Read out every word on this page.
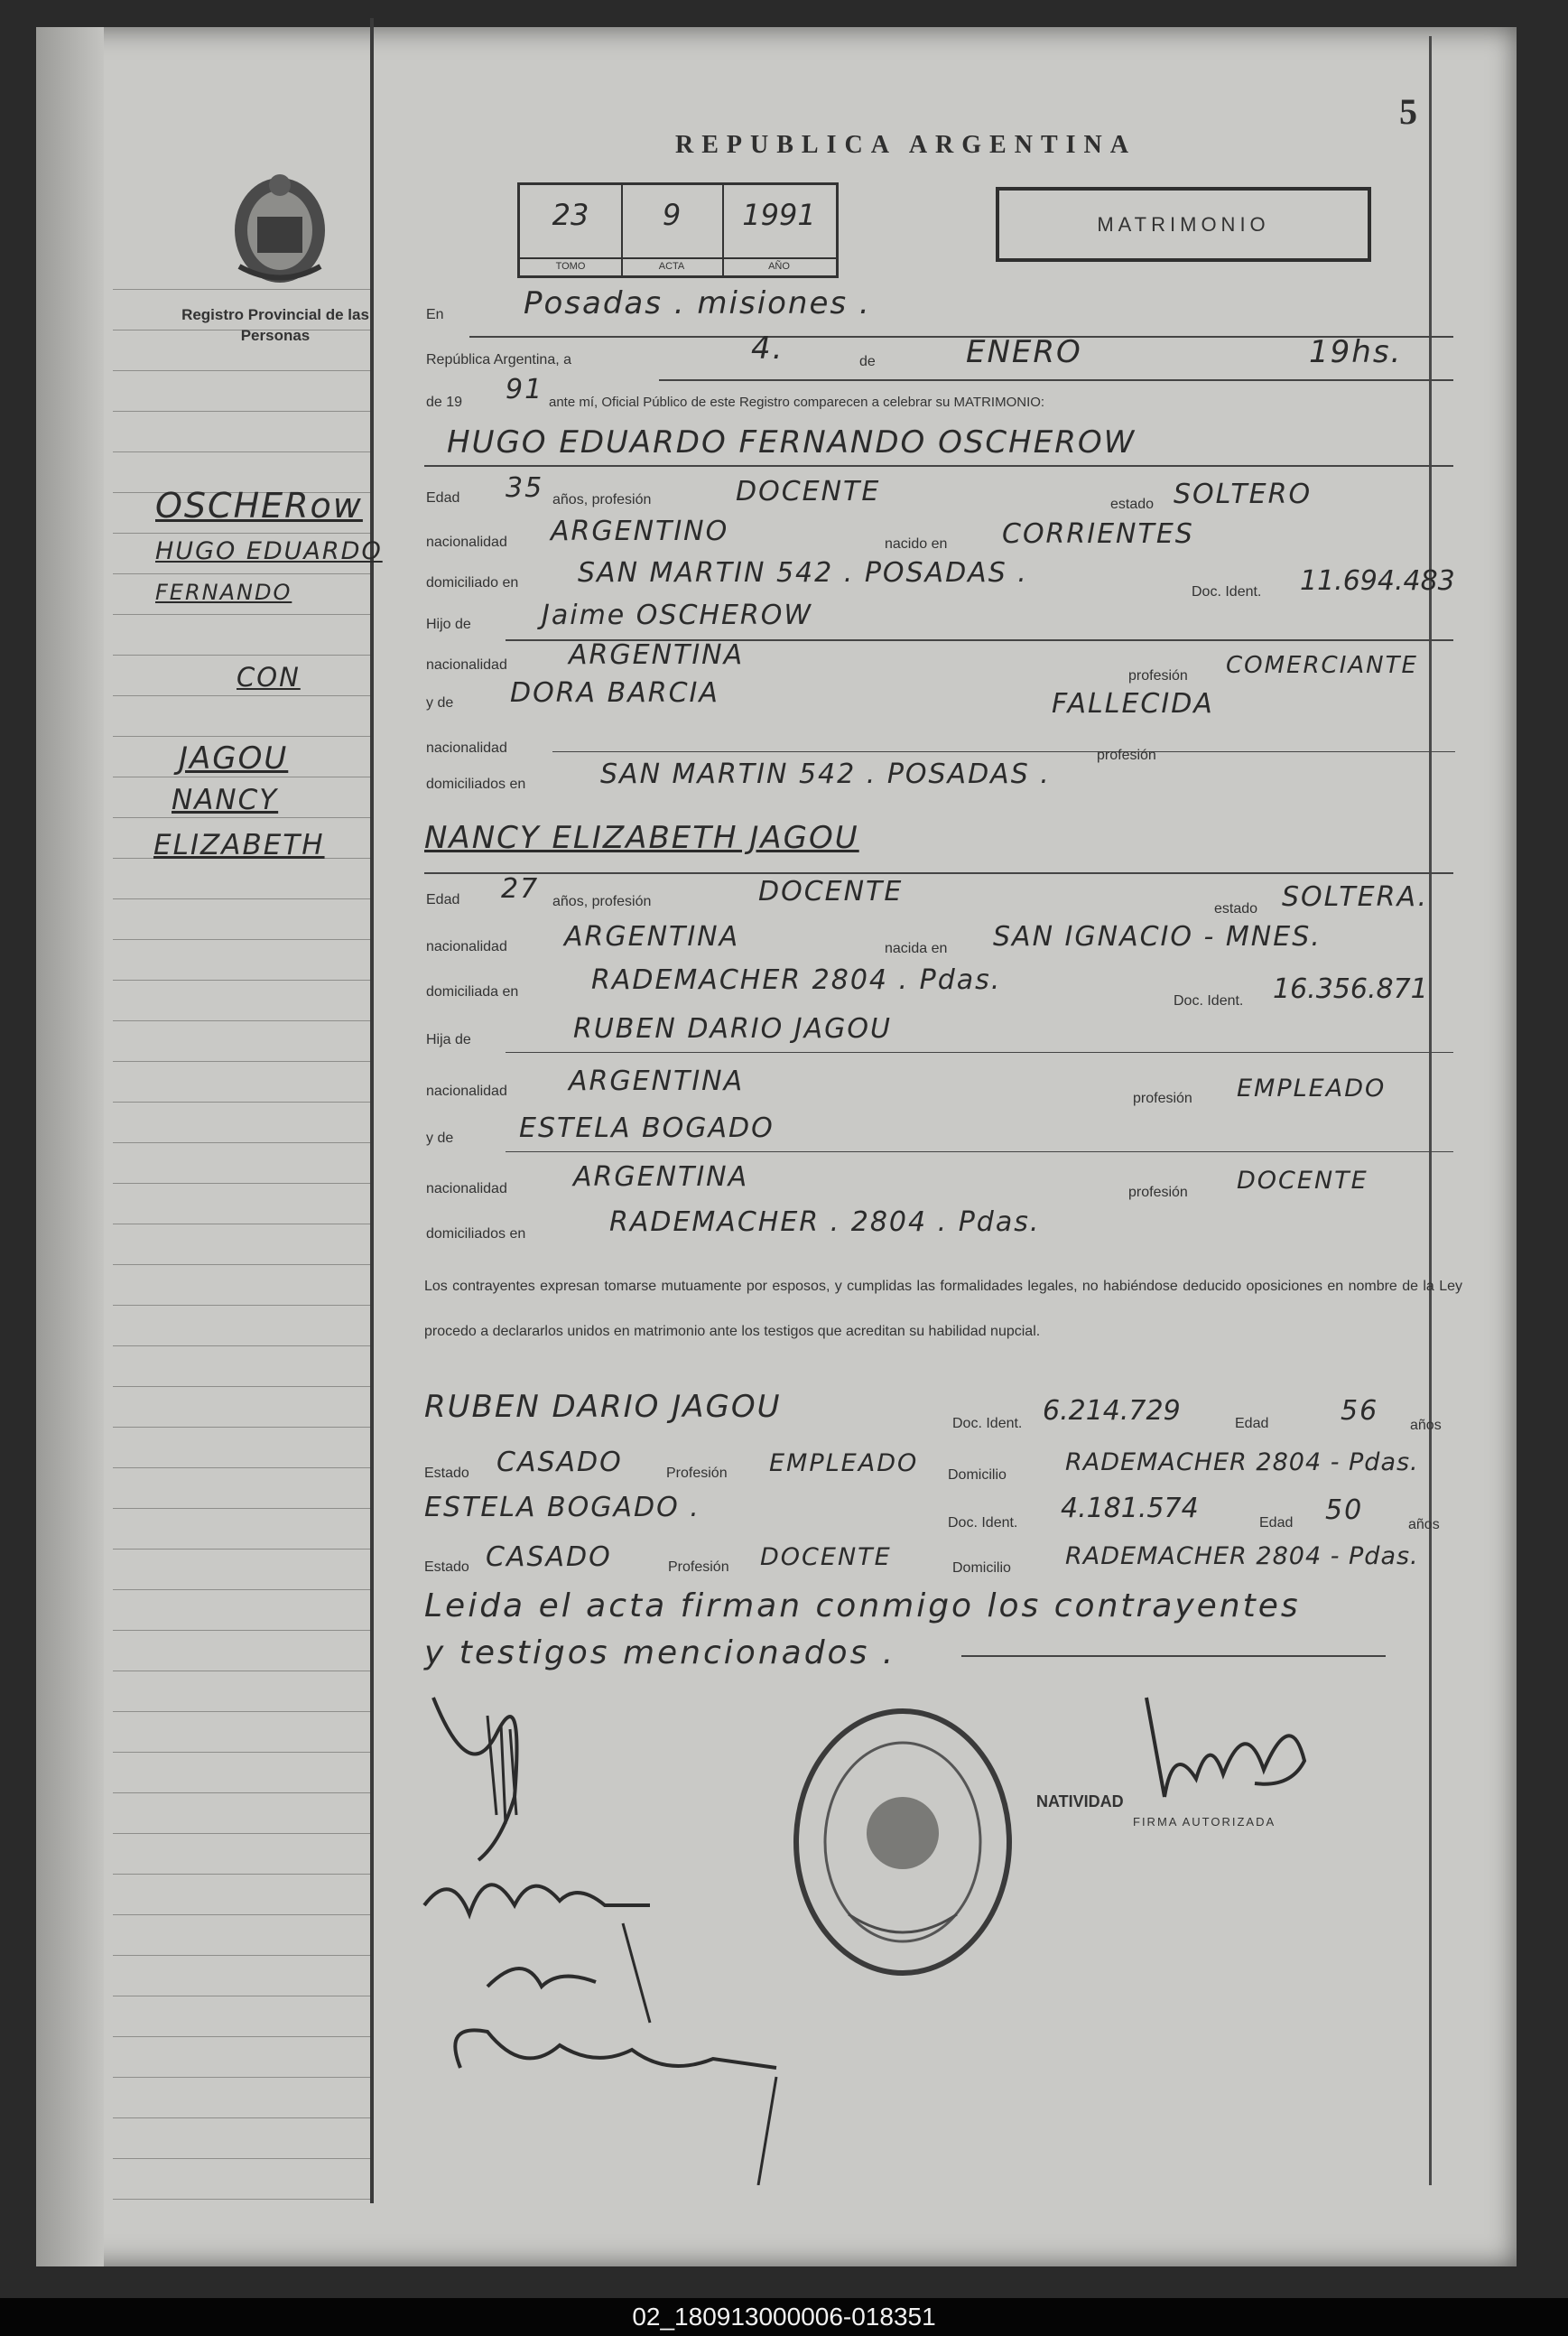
5
REPUBLICA ARGENTINA
MATRIMONIO
23
TOMO
9
ACTA
1991
AÑO
Registro Provincial de las Personas
OSCHERow
HUGO EDUARDO
FERNANDO
CON
JAGOU
NANCY
ELIZABETH
En	Posadas . misiones .
República Argentina, a	4.	de	ENERO	19hs.
de 19 91 ante mí, Oficial Público de este Registro comparecen a celebrar su MATRIMONIO:
HUGO EDUARDO FERNANDO OSCHEROW
Edad 35 años, profesión	DOCENTE	estado SOLTERO
nacionalidad ARGENTINO	nacido en CORRIENTES
domiciliado en SAN MARTIN 542 . POSADAS .
Doc. Ident. 11.694.483
Hijo de	Jaime OSCHEROW
nacionalidad ARGENTINA
profesión COMERCIANTE
y de DORA BARCIA	FALLECIDA
nacionalidad	profesión
domiciliados en	SAN MARTIN 542 . POSADAS .
NANCY ELIZABETH JAGOU
Edad 27 años, profesión	DOCENTE
estado SOLTERA.
nacionalidad ARGENTINA	nacida en SAN IGNACIO - MNES.
domiciliada en	RADEMACHER 2804 . Pdas.
Doc. Ident. 16.356.871
Hija de	RUBEN DARIO JAGOU
nacionalidad ARGENTINA
profesión EMPLEADO
y de ESTELA BOGADO
nacionalidad ARGENTINA	profesión DOCENTE
domiciliados en	RADEMACHER . 2804 . Pdas.
Los contrayentes expresan tomarse mutuamente por esposos, y cumplidas las formalidades legales, no habiéndose deducido oposiciones en nombre de la Ley procedo a declararlos unidos en matrimonio ante los testigos que acreditan su habilidad nupcial.
RUBEN DARIO JAGOU	Doc. Ident. 6.214.729	Edad	56 años
Estado CASADO	Profesión EMPLEADO Domicilio RADEMACHER 2804 - Pdas.
ESTELA BOGADO .	Doc. Ident. 4.181.574	Edad 50	años
Estado CASADO	Profesión DOCENTE	Domicilio RADEMACHER 2804 - Pdas.
Leida el acta firman conmigo los contrayentes
y testigos mencionados .
NATIVIDAD
FIRMA AUTORIZADA
02_180913000006-018351
